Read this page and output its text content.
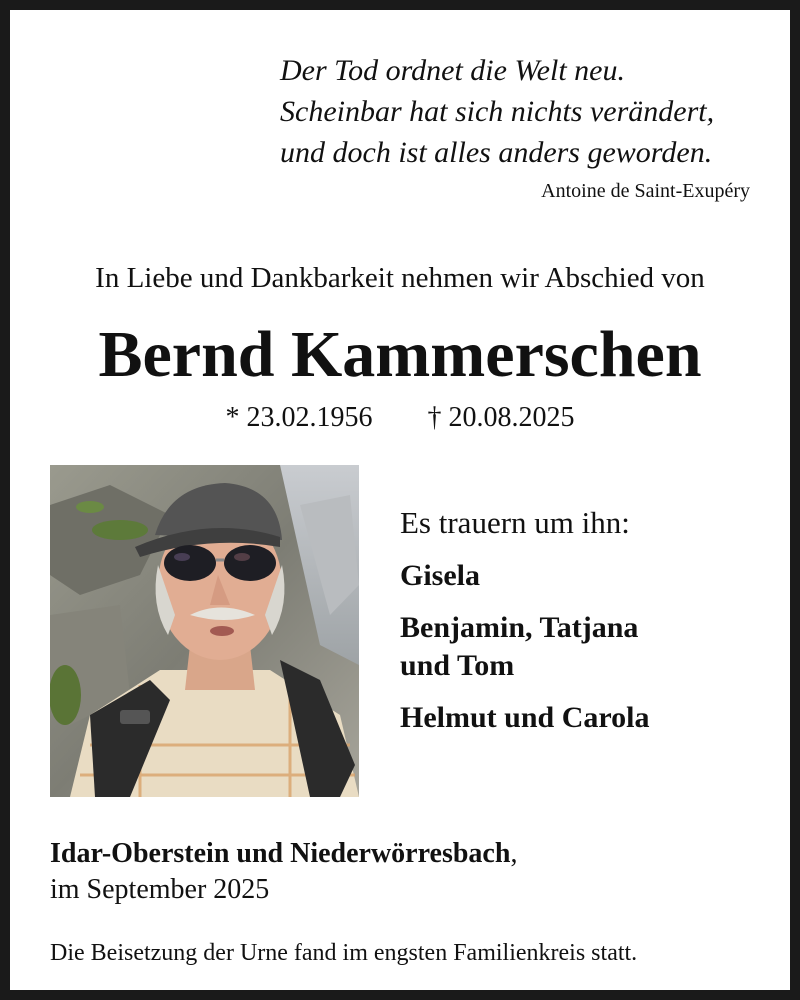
Der Tod ordnet die Welt neu.
Scheinbar hat sich nichts verändert,
und doch ist alles anders geworden.
Antoine de Saint-Exupéry
In Liebe und Dankbarkeit nehmen wir Abschied von
Bernd Kammerschen
* 23.02.1956 † 20.08.2025
Es trauern um ihn:
Gisela
Benjamin, Tatjana
und Tom
Helmut und Carola
Idar-Oberstein und Niederwörresbach,
im September 2025
Die Beisetzung der Urne fand im engsten Familienkreis statt.
